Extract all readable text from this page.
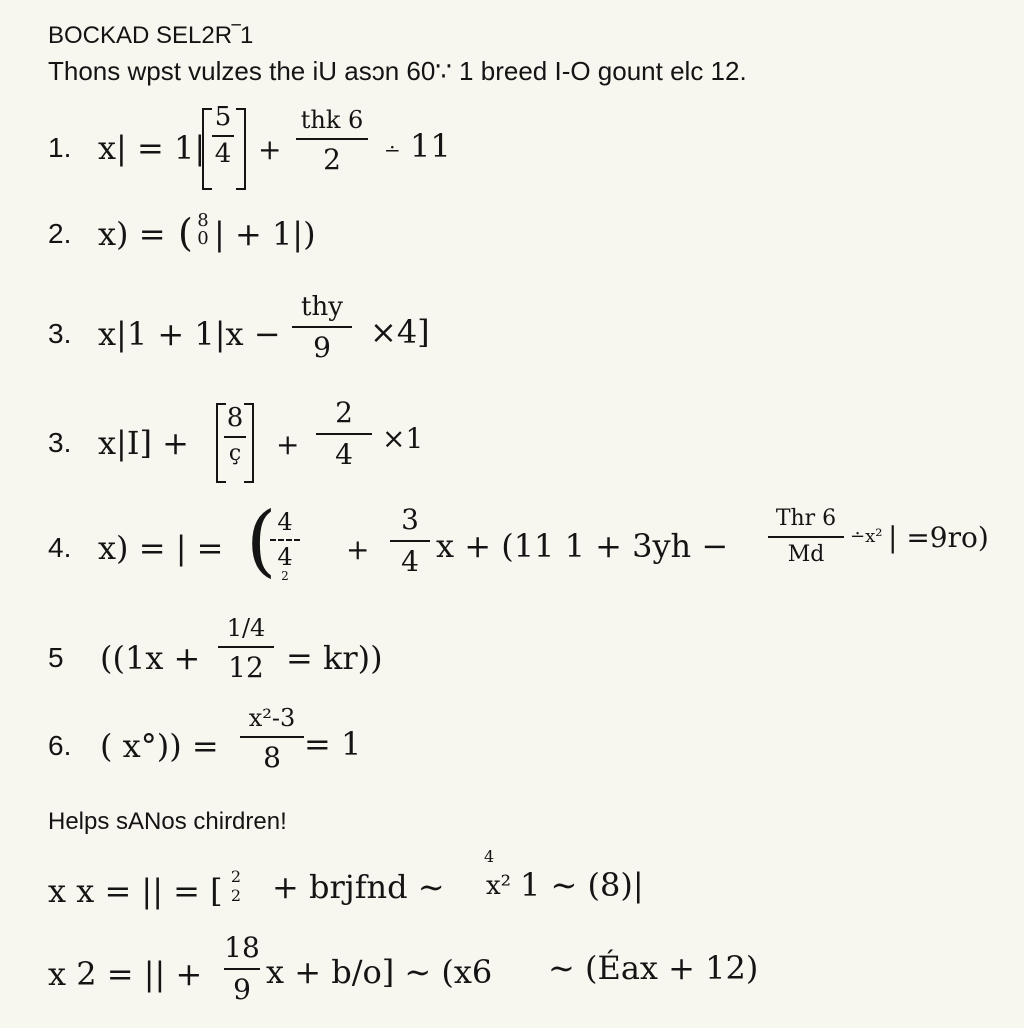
BOCKAD SEL2R‾1
Thons wpst vulzes the iU asɔn 60∵ 1 breed I-O gount elc 12.
1. x| = 1|
5
4 +
thk 6
2	∸ 11
2. x) = ( 8
0 | + 1|)
3. x|1 + 1|x −
thy
9	×4]
3. x|I] +
8
ç +
2
4	×1
4. x) = | = ( 4
4
2
+
3
4 x + (11 1 + 3yh −
Thr 6
Md
∸x² | =9ro)
5 ((1x +
1/4
12 = kr))
6. ( x°)) =
x²-3
8 = 1
Helps sANos chirdren!
x x = || = [ 2
2 + brjfnd ∼
4
x² 1 ∼ (8)|
x 2 = || +
18
9 x + b/o] ∼ (x6 ∼ (Éax + 12)
